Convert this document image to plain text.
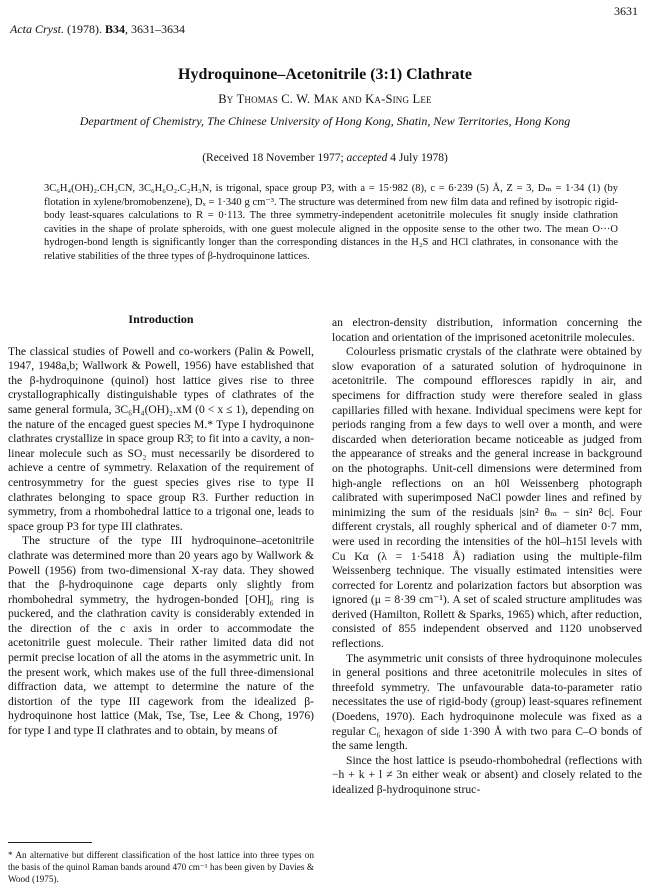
3631
Acta Cryst. (1978). B34, 3631–3634
Hydroquinone–Acetonitrile (3:1) Clathrate
By Thomas C. W. Mak and Ka-Sing Lee
Department of Chemistry, The Chinese University of Hong Kong, Shatin, New Territories, Hong Kong
(Received 18 November 1977; accepted 4 July 1978)
3C₆H₄(OH)₂.CH₃CN, 3C₆H₆O₂.C₂H₃N, is trigonal, space group P3, with a = 15·982 (8), c = 6·239 (5) Å, Z = 3, Dₘ = 1·34 (1) (by flotation in xylene/bromobenzene), Dₓ = 1·340 g cm⁻³. The structure was determined from new film data and refined by isotropic rigid-body least-squares calculations to R = 0·113. The three symmetry-independent acetonitrile molecules fit snugly inside clathration cavities in the shape of prolate spheroids, with one guest molecule aligned in the opposite sense to the other two. The mean O···O hydrogen-bond length is significantly longer than the corresponding distances in the H₂S and HCl clathrates, in consonance with the relative stabilities of the three types of β-hydroquinone lattices.
Introduction

The classical studies of Powell and co-workers (Palin & Powell, 1947, 1948a,b; Wallwork & Powell, 1956) have established that the β-hydroquinone (quinol) host lattice gives rise to three crystallographically distinguishable types of clathrates of the same general formula, 3C₆H₄(OH)₂.xM (0 < x ≤ 1), depending on the nature of the encaged guest species M.* Type I hydroquinone clathrates crystallize in space group R3̄; to fit into a cavity, a non-linear molecule such as SO₂ must necessarily be disordered to achieve a centre of symmetry. Relaxation of the requirement of centrosymmetry for the guest species gives rise to type II clathrates belonging to space group R3. Further reduction in symmetry, from a rhombohedral lattice to a trigonal one, leads to space group P3 for type III clathrates.

The structure of the type III hydroquinone–acetonitrile clathrate was determined more than 20 years ago by Wallwork & Powell (1956) from two-dimensional X-ray data. They showed that the β-hydroquinone cage departs only slightly from rhombohedral symmetry, the hydrogen-bonded [OH]₆ ring is puckered, and the clathration cavity is considerably extended in the direction of the c axis in order to accommodate the acetonitrile guest molecule. Their rather limited data did not permit precise location of all the atoms in the asymmetric unit. In the present work, which makes use of the full three-dimensional diffraction data, we attempt to determine the nature of the distortion of the type III cagework from the idealized β-hydroquinone host lattice (Mak, Tse, Tse, Lee & Chong, 1976) for type I and type II clathrates and to obtain, by means of

an electron-density distribution, information concerning the location and orientation of the imprisoned acetonitrile molecules.

Colourless prismatic crystals of the clathrate were obtained by slow evaporation of a saturated solution of hydroquinone in acetonitrile. The compound effloresces rapidly in air, and specimens for diffraction study were therefore sealed in glass capillaries filled with hexane. Individual specimens were kept for periods ranging from a few days to well over a month, and were discarded when deterioration became noticeable as judged from the appearance of streaks and the general increase in background on the photographs. Unit-cell dimensions were determined from high-angle reflections on an h0l Weissenberg photograph calibrated with superimposed NaCl powder lines and refined by minimizing the sum of the residuals |sin² θₘ − sin² θc|. Four different crystals, all roughly spherical and of diameter 0·7 mm, were used in recording the intensities of the h0l–h15l levels with Cu Kα (λ = 1·5418 Å) radiation using the multiple-film Weissenberg technique. The visually estimated intensities were corrected for Lorentz and polarization factors but absorption was ignored (μ = 8·39 cm⁻¹). A set of scaled structure amplitudes was derived (Hamilton, Rollett & Sparks, 1965) which, after reduction, consisted of 855 independent observed and 1120 unobserved reflections.

The asymmetric unit consists of three hydroquinone molecules in general positions and three acetonitrile molecules in sites of threefold symmetry. The unfavourable data-to-parameter ratio necessitates the use of rigid-body (group) least-squares refinement (Doedens, 1970). Each hydroquinone molecule was fixed as a regular C₆ hexagon of side 1·390 Å with two para C–O bonds of the same length.

Since the host lattice is pseudo-rhombohedral (reflections with −h + k + l ≠ 3n either weak or absent) and closely related to the idealized β-hydroquinone struc-

* An alternative but different classification of the host lattice into three types on the basis of the quinol Raman bands around 470 cm⁻¹ has been given by Davies & Wood (1975).
